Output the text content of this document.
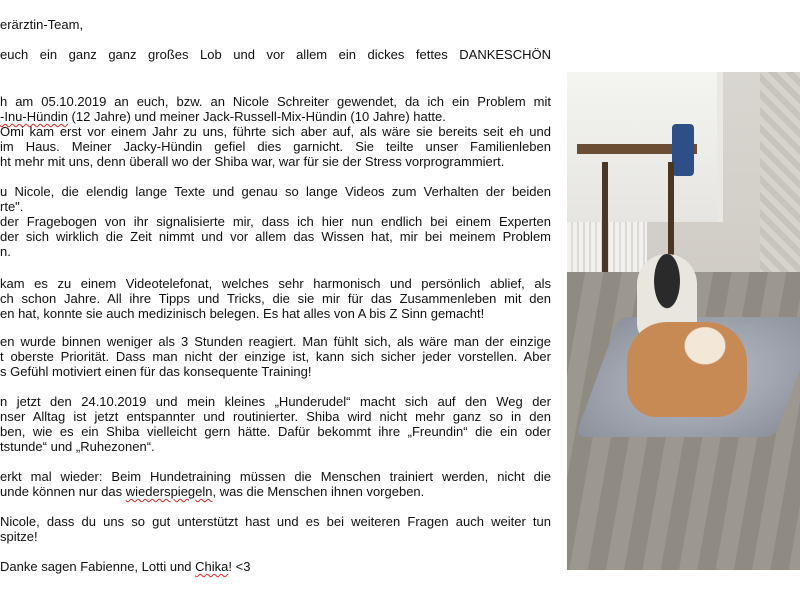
erärztin-Team,
euch ein ganz ganz großes Lob und vor allem ein dickes fettes DANKESCHÖN
h am 05.10.2019 an euch, bzw. an Nicole Schreiter gewendet, da ich ein Problem mit
-Inu-Hündin (12 Jahre) und meiner Jack-Russell-Mix-Hündin (10 Jahre) hatte.
Omi kam erst vor einem Jahr zu uns, führte sich aber auf, als wäre sie bereits seit eh und
im Haus. Meiner Jacky-Hündin gefiel dies garnicht. Sie teilte unser Familienleben
ht mehr mit uns, denn überall wo der Shiba war, war für sie der Stress vorprogrammiert.
u Nicole, die elendig lange Texte und genau so lange Videos zum Verhalten der beiden
rte".
der Fragebogen von ihr signalisierte mir, dass ich hier nun endlich bei einem Experten
der sich wirklich die Zeit nimmt und vor allem das Wissen hat, mir bei meinem Problem
n.
kam es zu einem Videotelefonat, welches sehr harmonisch und persönlich ablief, als
ch schon Jahre. All ihre Tipps und Tricks, die sie mir für das Zusammenleben mit den
en hat, konnte sie auch medizinisch belegen. Es hat alles von A bis Z Sinn gemacht!
en wurde binnen weniger als 3 Stunden reagiert. Man fühlt sich, als wäre man der einzige
t oberste Priorität. Dass man nicht der einzige ist, kann sich sicher jeder vorstellen. Aber
s Gefühl motiviert einen für das konsequente Training!
n jetzt den 24.10.2019 und mein kleines „Hunderudel“ macht sich auf den Weg der
nser Alltag ist jetzt entspannter und routinierter. Shiba wird nicht mehr ganz so in den
ben, wie es ein Shiba vielleicht gern hätte. Dafür bekommt ihre „Freundin“ die ein oder
tstunde“ und „Ruhezonen“.
erkt mal wieder: Beim Hundetraining müssen die Menschen trainiert werden, nicht die
unde können nur das wiederspiegeln, was die Menschen ihnen vorgeben.
Nicole, dass du uns so gut unterstützt hast und es bei weiteren Fragen auch weiter tun
spitze!
Danke sagen Fabienne, Lotti und Chika! <3
